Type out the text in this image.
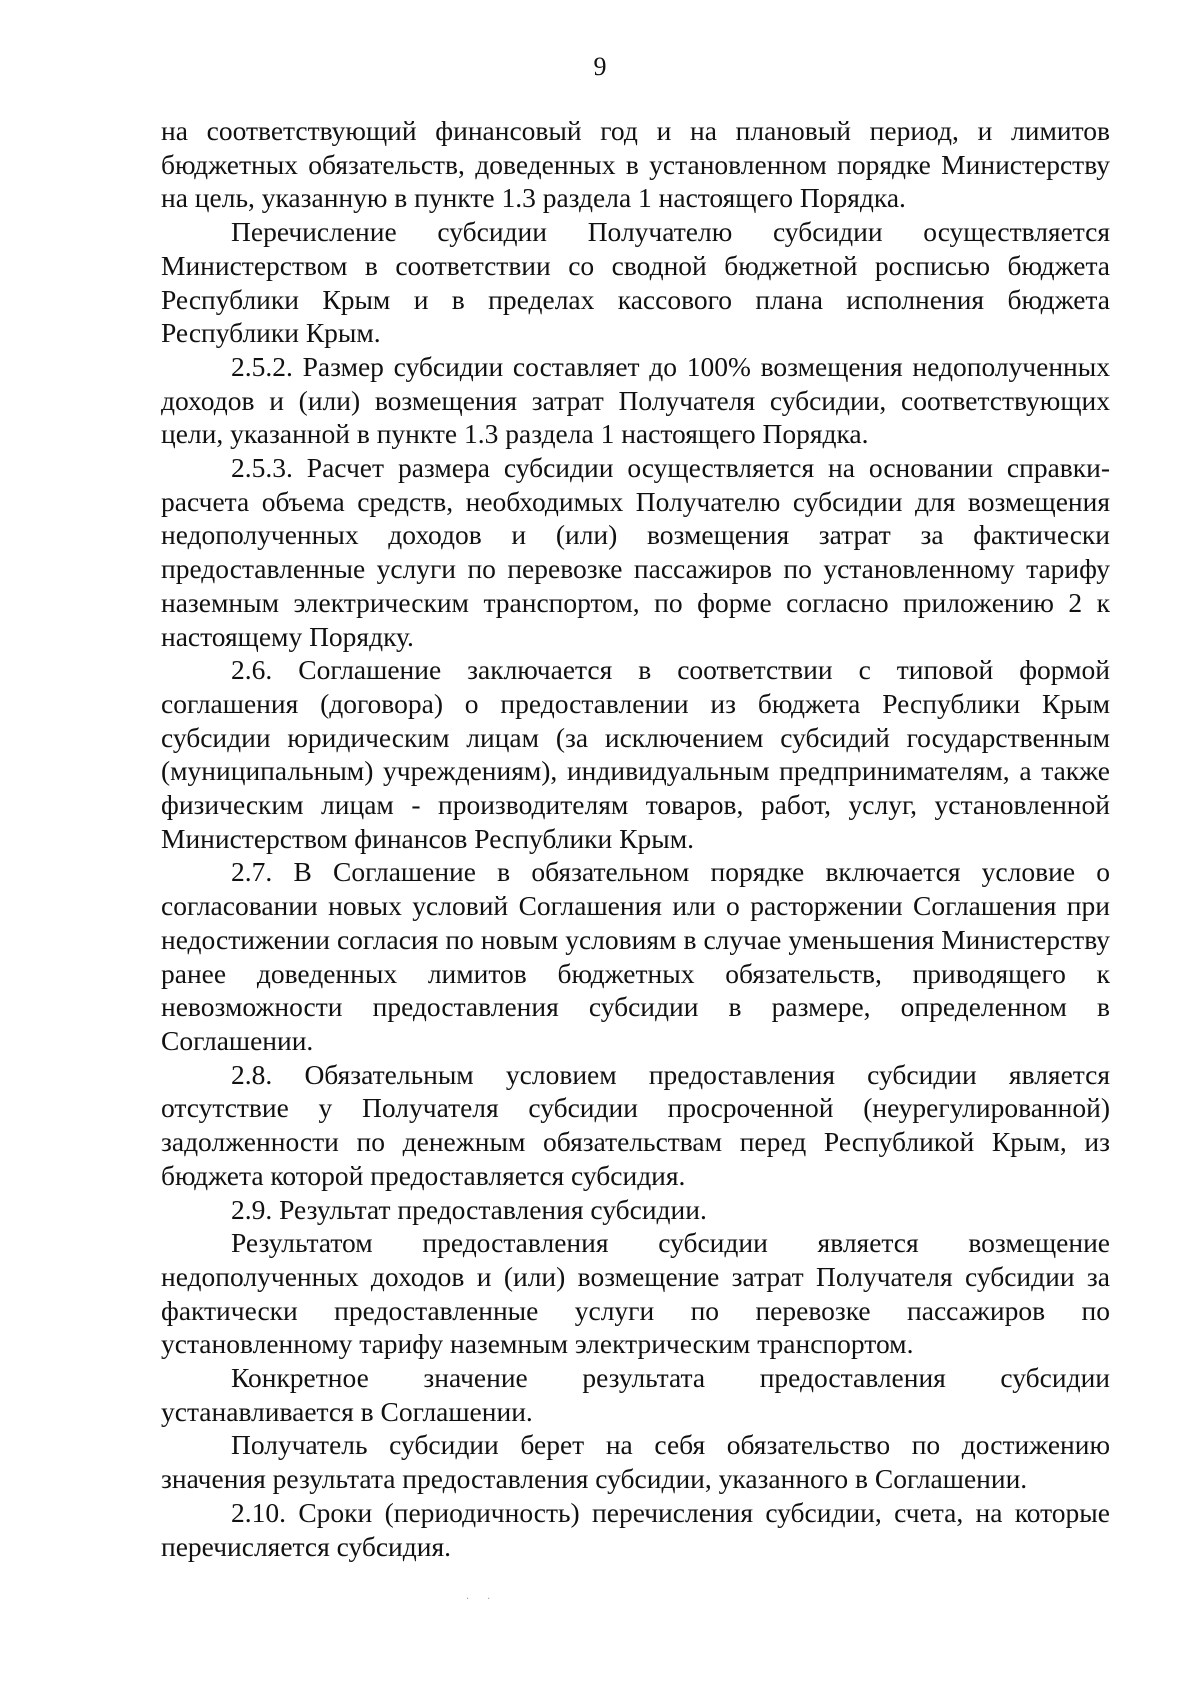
9

на соответствующий финансовый год и на плановый период, и лимитов бюджетных обязательств, доведенных в установленном порядке Министерству на цель, указанную в пункте 1.3 раздела 1 настоящего Порядка.

Перечисление субсидии Получателю субсидии осуществляется Министерством в соответствии со сводной бюджетной росписью бюджета Республики Крым и в пределах кассового плана исполнения бюджета Республики Крым.

2.5.2. Размер субсидии составляет до 100% возмещения недополученных доходов и (или) возмещения затрат Получателя субсидии, соответствующих цели, указанной в пункте 1.3 раздела 1 настоящего Порядка.

2.5.3. Расчет размера субсидии осуществляется на основании справки-расчета объема средств, необходимых Получателю субсидии для возмещения недополученных доходов и (или) возмещения затрат за фактически предоставленные услуги по перевозке пассажиров по установленному тарифу наземным электрическим транспортом, по форме согласно приложению 2 к настоящему Порядку.

2.6. Соглашение заключается в соответствии с типовой формой соглашения (договора) о предоставлении из бюджета Республики Крым субсидии юридическим лицам (за исключением субсидий государственным (муниципальным) учреждениям), индивидуальным предпринимателям, а также физическим лицам - производителям товаров, работ, услуг, установленной Министерством финансов Республики Крым.

2.7. В Соглашение в обязательном порядке включается условие о согласовании новых условий Соглашения или о расторжении Соглашения при недостижении согласия по новым условиям в случае уменьшения Министерству ранее доведенных лимитов бюджетных обязательств, приводящего к невозможности предоставления субсидии в размере, определенном в Соглашении.

2.8. Обязательным условием предоставления субсидии является отсутствие у Получателя субсидии просроченной (неурегулированной) задолженности по денежным обязательствам перед Республикой Крым, из бюджета которой предоставляется субсидия.

2.9. Результат предоставления субсидии.

Результатом предоставления субсидии является возмещение недополученных доходов и (или) возмещение затрат Получателя субсидии за фактически предоставленные услуги по перевозке пассажиров по установленному тарифу наземным электрическим транспортом.

Конкретное значение результата предоставления субсидии устанавливается в Соглашении.

Получатель субсидии берет на себя обязательство по достижению значения результата предоставления субсидии, указанного в Соглашении.

2.10. Сроки (периодичность) перечисления субсидии, счета, на которые перечисляется субсидия.

··
